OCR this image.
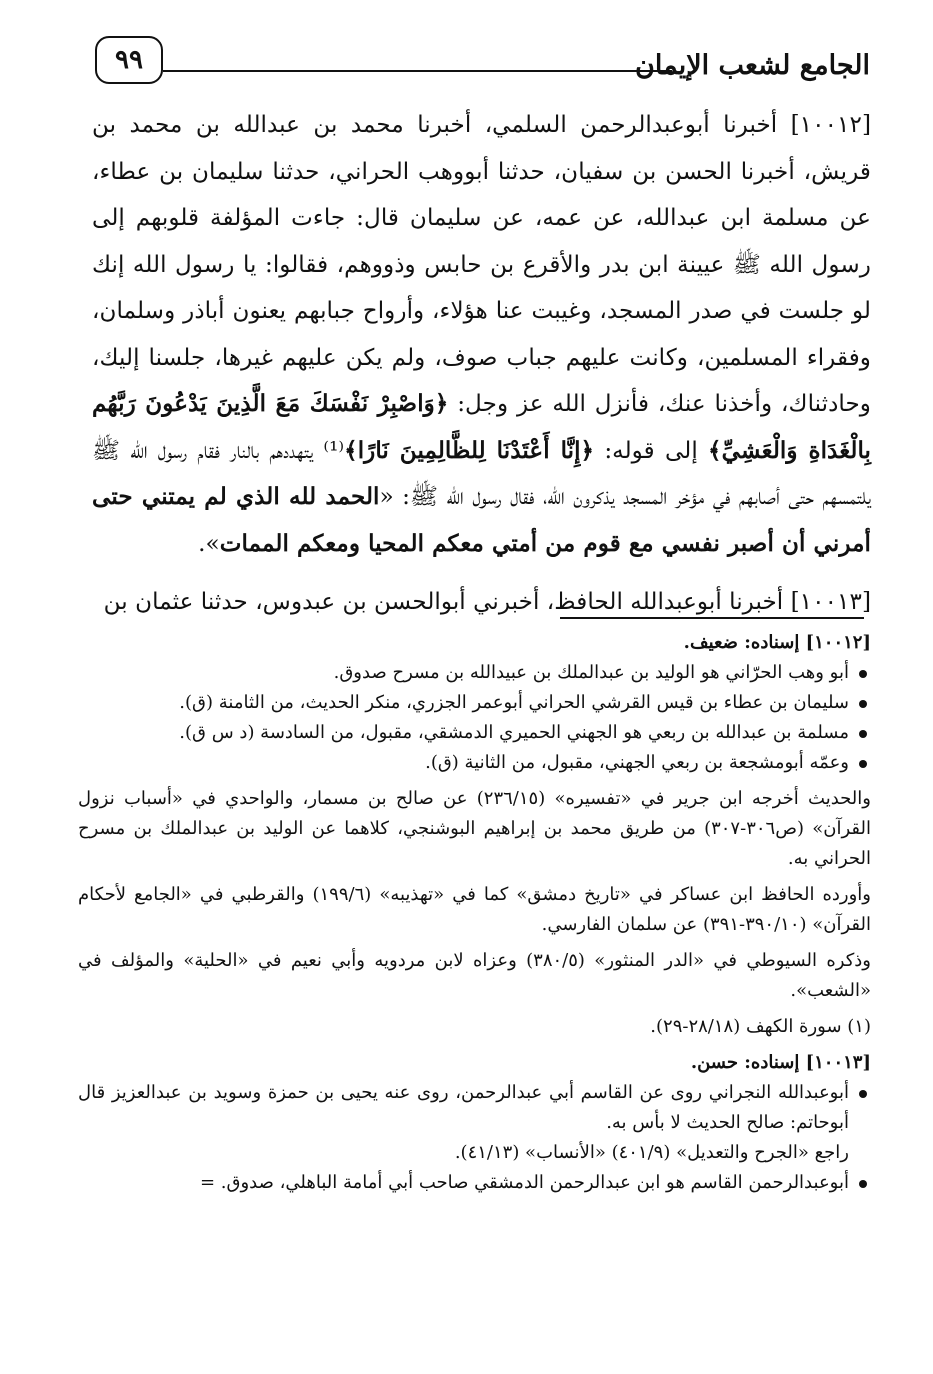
الجامع لشعب الإيمان
٩٩

[١٠٠١٢] أخبرنا أبوعبدالرحمن السلمي، أخبرنا محمد بن عبدالله بن محمد بن قريش، أخبرنا الحسن بن سفيان، حدثنا أبووهب الحراني، حدثنا سليمان بن عطاء، عن مسلمة ابن عبدالله، عن عمه، عن سليمان قال: جاءت المؤلفة قلوبهم إلى رسول الله ﷺ عيينة ابن بدر والأقرع بن حابس وذووهم، فقالوا: يا رسول الله إنك لو جلست في صدر المسجد، وغيبت عنا هؤلاء، وأرواح جبابهم يعنون أباذر وسلمان، وفقراء المسلمين، وكانت عليهم جباب صوف، ولم يكن عليهم غيرها، جلسنا إليك، وحادثناك، وأخذنا عنك، فأنزل الله عز وجل: ﴿وَاصْبِرْ نَفْسَكَ مَعَ الَّذِينَ يَدْعُونَ رَبَّهُم بِالْغَدَاةِ وَالْعَشِيِّ﴾ إلى قوله: ﴿إِنَّا أَعْتَدْنَا لِلظَّالِمِينَ نَارًا﴾⁽¹⁾ يتهددهم بالنار فقام رسول الله ﷺ يلتمسهم حتى أصابهم في مؤخر المسجد يذكرون الله، فقال رسول الله ﷺ: «الحمد لله الذي لم يمتني حتى أمرني أن أصبر نفسي مع قوم من أمتي معكم المحيا ومعكم الممات».

[١٠٠١٣] أخبرنا أبوعبدالله الحافظ، أخبرني أبوالحسن بن عبدوس، حدثنا عثمان بن

[١٠٠١٢] إسناده: ضعيف.

أبو وهب الحرّاني هو الوليد بن عبدالملك بن عبيدالله بن مسرح صدوق.
سليمان بن عطاء بن قيس القرشي الحراني أبوعمر الجزري، منكر الحديث، من الثامنة (ق).
مسلمة بن عبدالله بن ربعي هو الجهني الحميري الدمشقي، مقبول، من السادسة (د س ق).
وعمّه أبومشجعة بن ربعي الجهني، مقبول، من الثانية (ق).

والحديث أخرجه ابن جرير في «تفسيره» (٢٣٦/١٥) عن صالح بن مسمار، والواحدي في «أسباب نزول القرآن» (ص٣٠٦-٣٠٧) من طريق محمد بن إبراهيم البوشنجي، كلاهما عن الوليد بن عبدالملك بن مسرح الحراني به.

وأورده الحافظ ابن عساكر في «تاريخ دمشق» كما في «تهذيبه» (١٩٩/٦) والقرطبي في «الجامع لأحكام القرآن» (٣٩٠/١٠-٣٩١) عن سلمان الفارسي.

وذكره السيوطي في «الدر المنثور» (٣٨٠/٥) وعزاه لابن مردويه وأبي نعيم في «الحلية» والمؤلف في «الشعب».

(١) سورة الكهف (٢٨/١٨-٢٩).

[١٠٠١٣] إسناده: حسن.

أبوعبدالله النجراني روى عن القاسم أبي عبدالرحمن، روى عنه يحيى بن حمزة وسويد بن عبدالعزيز قال أبوحاتم: صالح الحديث لا بأس به.
راجع «الجرح والتعديل» (٤٠١/٩) «الأنساب» (٤١/١٣).
أبوعبدالرحمن القاسم هو ابن عبدالرحمن الدمشقي صاحب أبي أمامة الباهلي، صدوق. =
